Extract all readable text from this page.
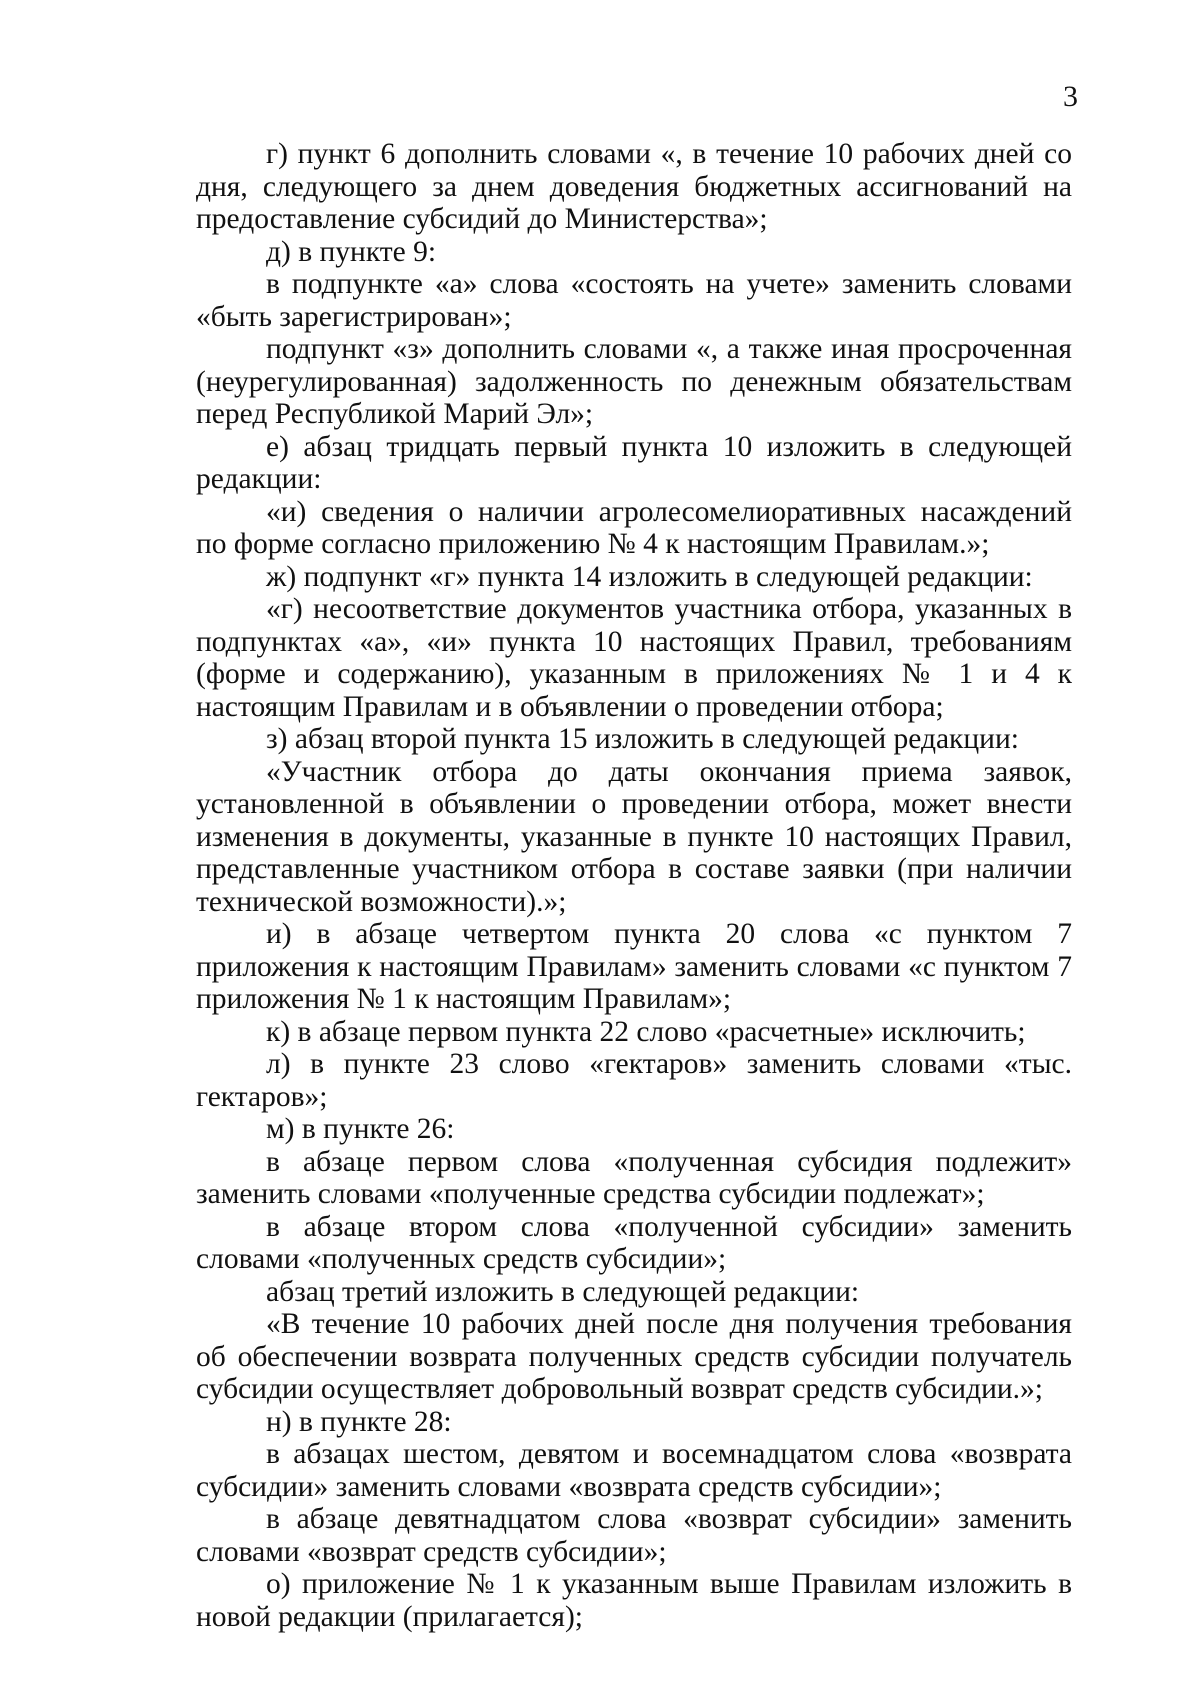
3

г) пункт 6 дополнить словами «, в течение 10 рабочих дней со дня, следующего за днем доведения бюджетных ассигнований на предоставление субсидий до Министерства»;

д) в пункте 9:

в подпункте «а» слова «состоять на учете» заменить словами «быть зарегистрирован»;

подпункт «з» дополнить словами «, а также иная просроченная (неурегулированная) задолженность по денежным обязательствам перед Республикой Марий Эл»;

е) абзац тридцать первый пункта 10 изложить в следующей редакции:

«и) сведения о наличии агролесомелиоративных насаждений по форме согласно приложению № 4 к настоящим Правилам.»;

ж) подпункт «г» пункта 14 изложить в следующей редакции:

«г) несоответствие документов участника отбора, указанных в подпунктах «а», «и» пункта 10 настоящих Правил, требованиям (форме и содержанию), указанным в приложениях № 1 и 4 к настоящим Правилам и в объявлении о проведении отбора;

з) абзац второй пункта 15 изложить в следующей редакции:

«Участник отбора до даты окончания приема заявок, установленной в объявлении о проведении отбора, может внести изменения в документы, указанные в пункте 10 настоящих Правил, представленные участником отбора в составе заявки (при наличии технической возможности).»;

и) в абзаце четвертом пункта 20 слова «с пунктом 7 приложения к настоящим Правилам» заменить словами «с пунктом 7 приложения № 1 к настоящим Правилам»;

к) в абзаце первом пункта 22 слово «расчетные» исключить;

л) в пункте 23 слово «гектаров» заменить словами «тыс. гектаров»;

м) в пункте 26:

в абзаце первом слова «полученная субсидия подлежит» заменить словами «полученные средства субсидии подлежат»;

в абзаце втором слова «полученной субсидии» заменить словами «полученных средств субсидии»;

абзац третий изложить в следующей редакции:

«В течение 10 рабочих дней после дня получения требования об обеспечении возврата полученных средств субсидии получатель субсидии осуществляет добровольный возврат средств субсидии.»;

н) в пункте 28:

в абзацах шестом, девятом и восемнадцатом слова «возврата субсидии» заменить словами «возврата средств субсидии»;

в абзаце девятнадцатом слова «возврат субсидии» заменить словами «возврат средств субсидии»;

о) приложение № 1 к указанным выше Правилам изложить в новой редакции (прилагается);
